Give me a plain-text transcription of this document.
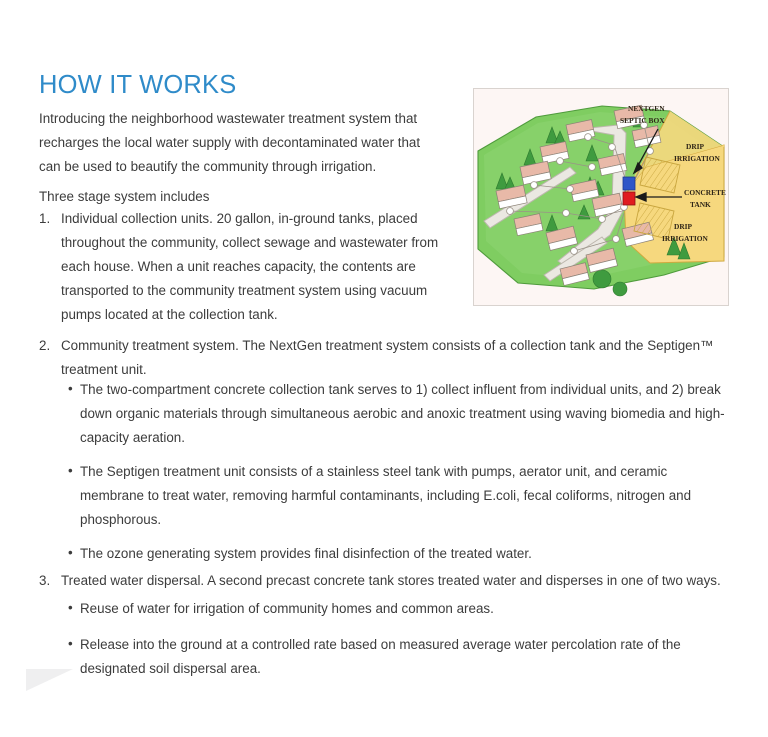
HOW IT WORKS

Introducing the neighborhood wastewater treatment system that recharges the local water supply with decontaminated water that can be used to beautify the community through irrigation.

Three stage system includes
1. Individual collection units. 20 gallon, in-ground tanks, placed throughout the community, collect sewage and wastewater from each house. When a unit reaches capacity, the contents are transported to the community treatment system using vacuum pumps located at the collection tank.
2. Community treatment system. The NextGen treatment system consists of a collection tank and the Septigen™ treatment unit.
• The two-compartment concrete collection tank serves to 1) collect influent from individual units, and 2) break down organic materials through simultaneous aerobic and anoxic treatment using waving biomedia and high-capacity aeration.
• The Septigen treatment unit consists of a stainless steel tank with pumps, aerator unit, and ceramic membrane to treat water, removing harmful contaminants, including E.coli, fecal coliforms, nitrogen and phosphorous.
• The ozone generating system provides final disinfection of the treated water.
3. Treated water dispersal. A second precast concrete tank stores treated water and disperses in one of two ways.
• Reuse of water for irrigation of community homes and common areas.
• Release into the ground at a controlled rate based on measured average water percolation rate of the designated soil dispersal area.
NEXTGEN
SEPTIC BOX
DRIP
IRRIGATION
CONCRETE
TANK
DRIP
IRRIGATION
